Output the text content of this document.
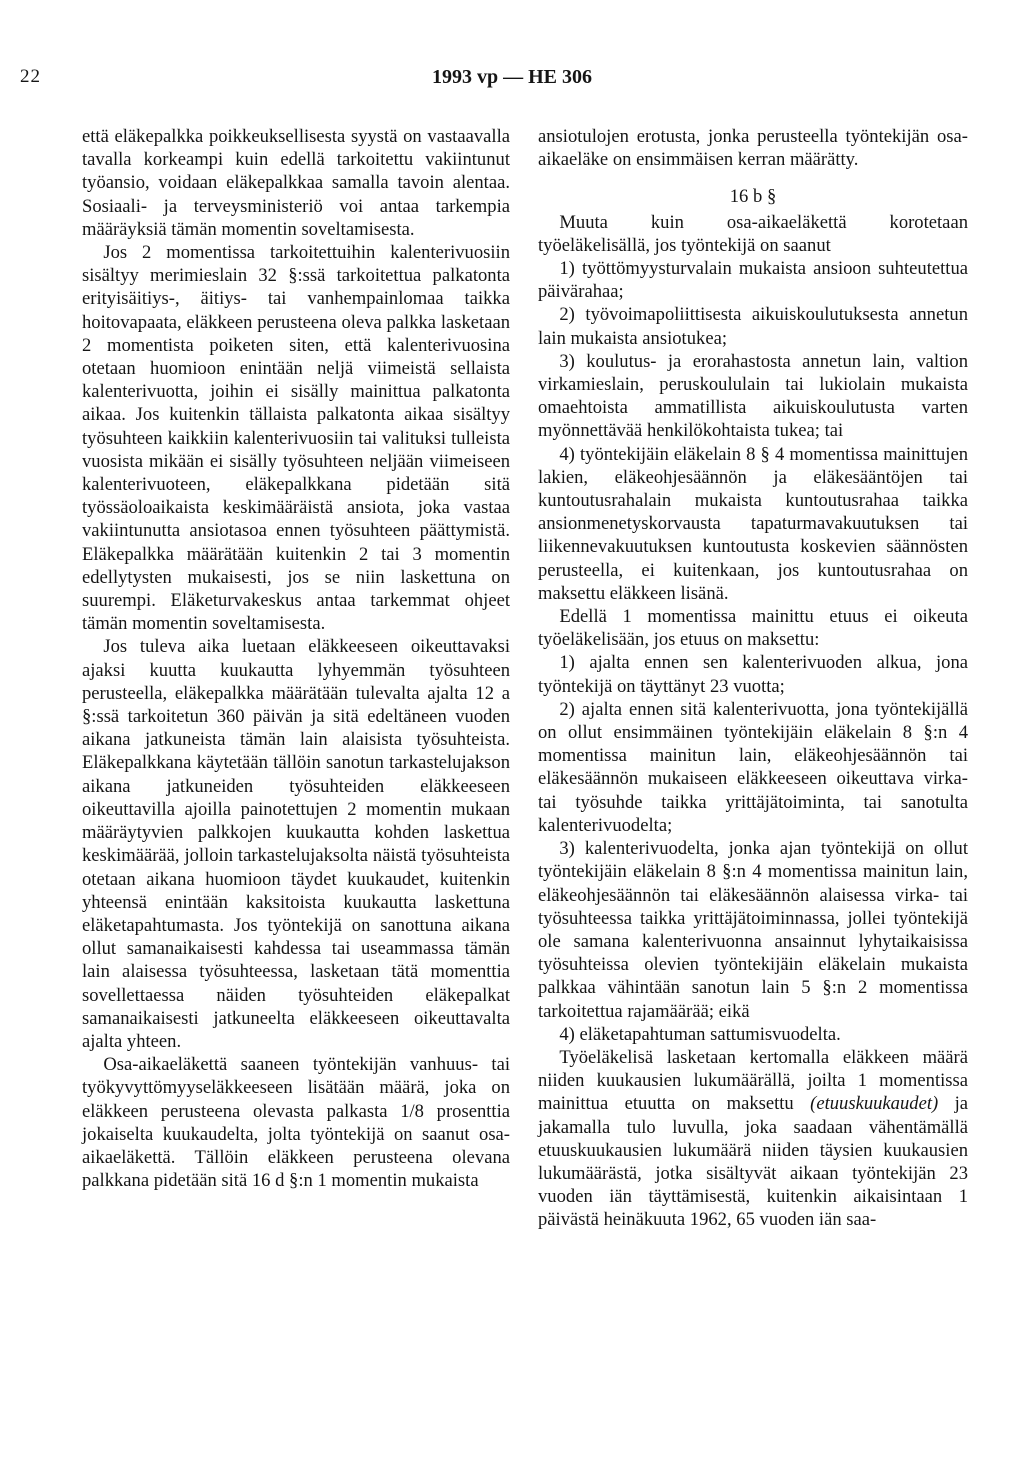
22	1993 vp — HE 306

että eläkepalkka poikkeuksellisesta syystä on vastaavalla tavalla korkeampi kuin edellä tarkoitettu vakiintunut työansio, voidaan eläkepalkkaa samalla tavoin alentaa. Sosiaali- ja terveysministeriö voi antaa tarkempia määräyksiä tämän momentin soveltamisesta.

Jos 2 momentissa tarkoitettuihin kalenterivuosiin sisältyy merimieslain 32 §:ssä tarkoitettua palkatonta erityisäitiys-, äitiys- tai vanhempainlomaa taikka hoitovapaata, eläkkeen perusteena oleva palkka lasketaan 2 momentista poiketen siten, että kalenterivuosina otetaan huomioon enintään neljä viimeistä sellaista kalenterivuotta, joihin ei sisälly mainittua palkatonta aikaa. Jos kuitenkin tällaista palkatonta aikaa sisältyy työsuhteen kaikkiin kalenterivuosiin tai valituksi tulleista vuosista mikään ei sisälly työsuhteen neljään viimeiseen kalenterivuoteen, eläkepalkkana pidetään sitä työssäoloaikaista keskimääräistä ansiota, joka vastaa vakiintunutta ansiotasoa ennen työsuhteen päättymistä. Eläkepalkka määrätään kuitenkin 2 tai 3 momentin edellytysten mukaisesti, jos se niin laskettuna on suurempi. Eläketurvakeskus antaa tarkemmat ohjeet tämän momentin soveltamisesta.

Jos tuleva aika luetaan eläkkeeseen oikeuttavaksi ajaksi kuutta kuukautta lyhyemmän työsuhteen perusteella, eläkepalkka määrätään tulevalta ajalta 12 a §:ssä tarkoitetun 360 päivän ja sitä edeltäneen vuoden aikana jatkuneista tämän lain alaisista työsuhteista. Eläkepalkkana käytetään tällöin sanotun tarkastelujakson aikana jatkuneiden työsuhteiden eläkkeeseen oikeuttavilla ajoilla painotettujen 2 momentin mukaan määräytyvien palkkojen kuukautta kohden laskettua keskimäärää, jolloin tarkastelujaksolta näistä työsuhteista otetaan aikana huomioon täydet kuukaudet, kuitenkin yhteensä enintään kaksitoista kuukautta laskettuna eläketapahtumasta. Jos työntekijä on sanottuna aikana ollut samanaikaisesti kahdessa tai useammassa tämän lain alaisessa työsuhteessa, lasketaan tätä momenttia sovellettaessa näiden työsuhteiden eläkepalkat samanaikaisesti jatkuneelta eläkkeeseen oikeuttavalta ajalta yhteen.

Osa-aikaeläkettä saaneen työntekijän vanhuus- tai työkyvyttömyyseläkkeeseen lisätään määrä, joka on eläkkeen perusteena olevasta palkasta 1/8 prosenttia jokaiselta kuukaudelta, jolta työntekijä on saanut osa-aikaeläkettä. Tällöin eläkkeen perusteena olevana palkkana pidetään sitä 16 d §:n 1 momentin mukaista

ansiotulojen erotusta, jonka perusteella työntekijän osa-aikaeläke on ensimmäisen kerran määrätty.

16 b §

Muuta kuin osa-aikaeläkettä korotetaan työeläkelisällä, jos työntekijä on saanut

1) työttömyysturvalain mukaista ansioon suhteutettua päivärahaa;

2) työvoimapoliittisesta aikuiskoulutuksesta annetun lain mukaista ansiotukea;

3) koulutus- ja erorahastosta annetun lain, valtion virkamieslain, peruskoululain tai lukiolain mukaista omaehtoista ammatillista aikuiskoulutusta varten myönnettävää henkilökohtaista tukea; tai

4) työntekijäin eläkelain 8 § 4 momentissa mainittujen lakien, eläkeohjesäännön ja eläkesääntöjen tai kuntoutusrahalain mukaista kuntoutusrahaa taikka ansionmenetyskorvausta tapaturmavakuutuksen tai liikennevakuutuksen kuntoutusta koskevien säännösten perusteella, ei kuitenkaan, jos kuntoutusrahaa on maksettu eläkkeen lisänä.

Edellä 1 momentissa mainittu etuus ei oikeuta työeläkelisään, jos etuus on maksettu:

1) ajalta ennen sen kalenterivuoden alkua, jona työntekijä on täyttänyt 23 vuotta;

2) ajalta ennen sitä kalenterivuotta, jona työntekijällä on ollut ensimmäinen työntekijäin eläkelain 8 §:n 4 momentissa mainitun lain, eläkeohjesäännön tai eläkesäännön mukaiseen eläkkeeseen oikeuttava virka- tai työsuhde taikka yrittäjätoiminta, tai sanotulta kalenterivuodelta;

3) kalenterivuodelta, jonka ajan työntekijä on ollut työntekijäin eläkelain 8 §:n 4 momentissa mainitun lain, eläkeohjesäännön tai eläkesäännön alaisessa virka- tai työsuhteessa taikka yrittäjätoiminnassa, jollei työntekijä ole samana kalenterivuonna ansainnut lyhytaikaisissa työsuhteissa olevien työntekijäin eläkelain mukaista palkkaa vähintään sanotun lain 5 §:n 2 momentissa tarkoitettua rajamäärää; eikä

4) eläketapahtuman sattumisvuodelta.

Työeläkelisä lasketaan kertomalla eläkkeen määrä niiden kuukausien lukumäärällä, joilta 1 momentissa mainittua etuutta on maksettu (etuuskuukaudet) ja jakamalla tulo luvulla, joka saadaan vähentämällä etuuskuukausien lukumäärä niiden täysien kuukausien lukumäärästä, jotka sisältyvät aikaan työntekijän 23 vuoden iän täyttämisestä, kuitenkin aikaisintaan 1 päivästä heinäkuuta 1962, 65 vuoden iän saa-
